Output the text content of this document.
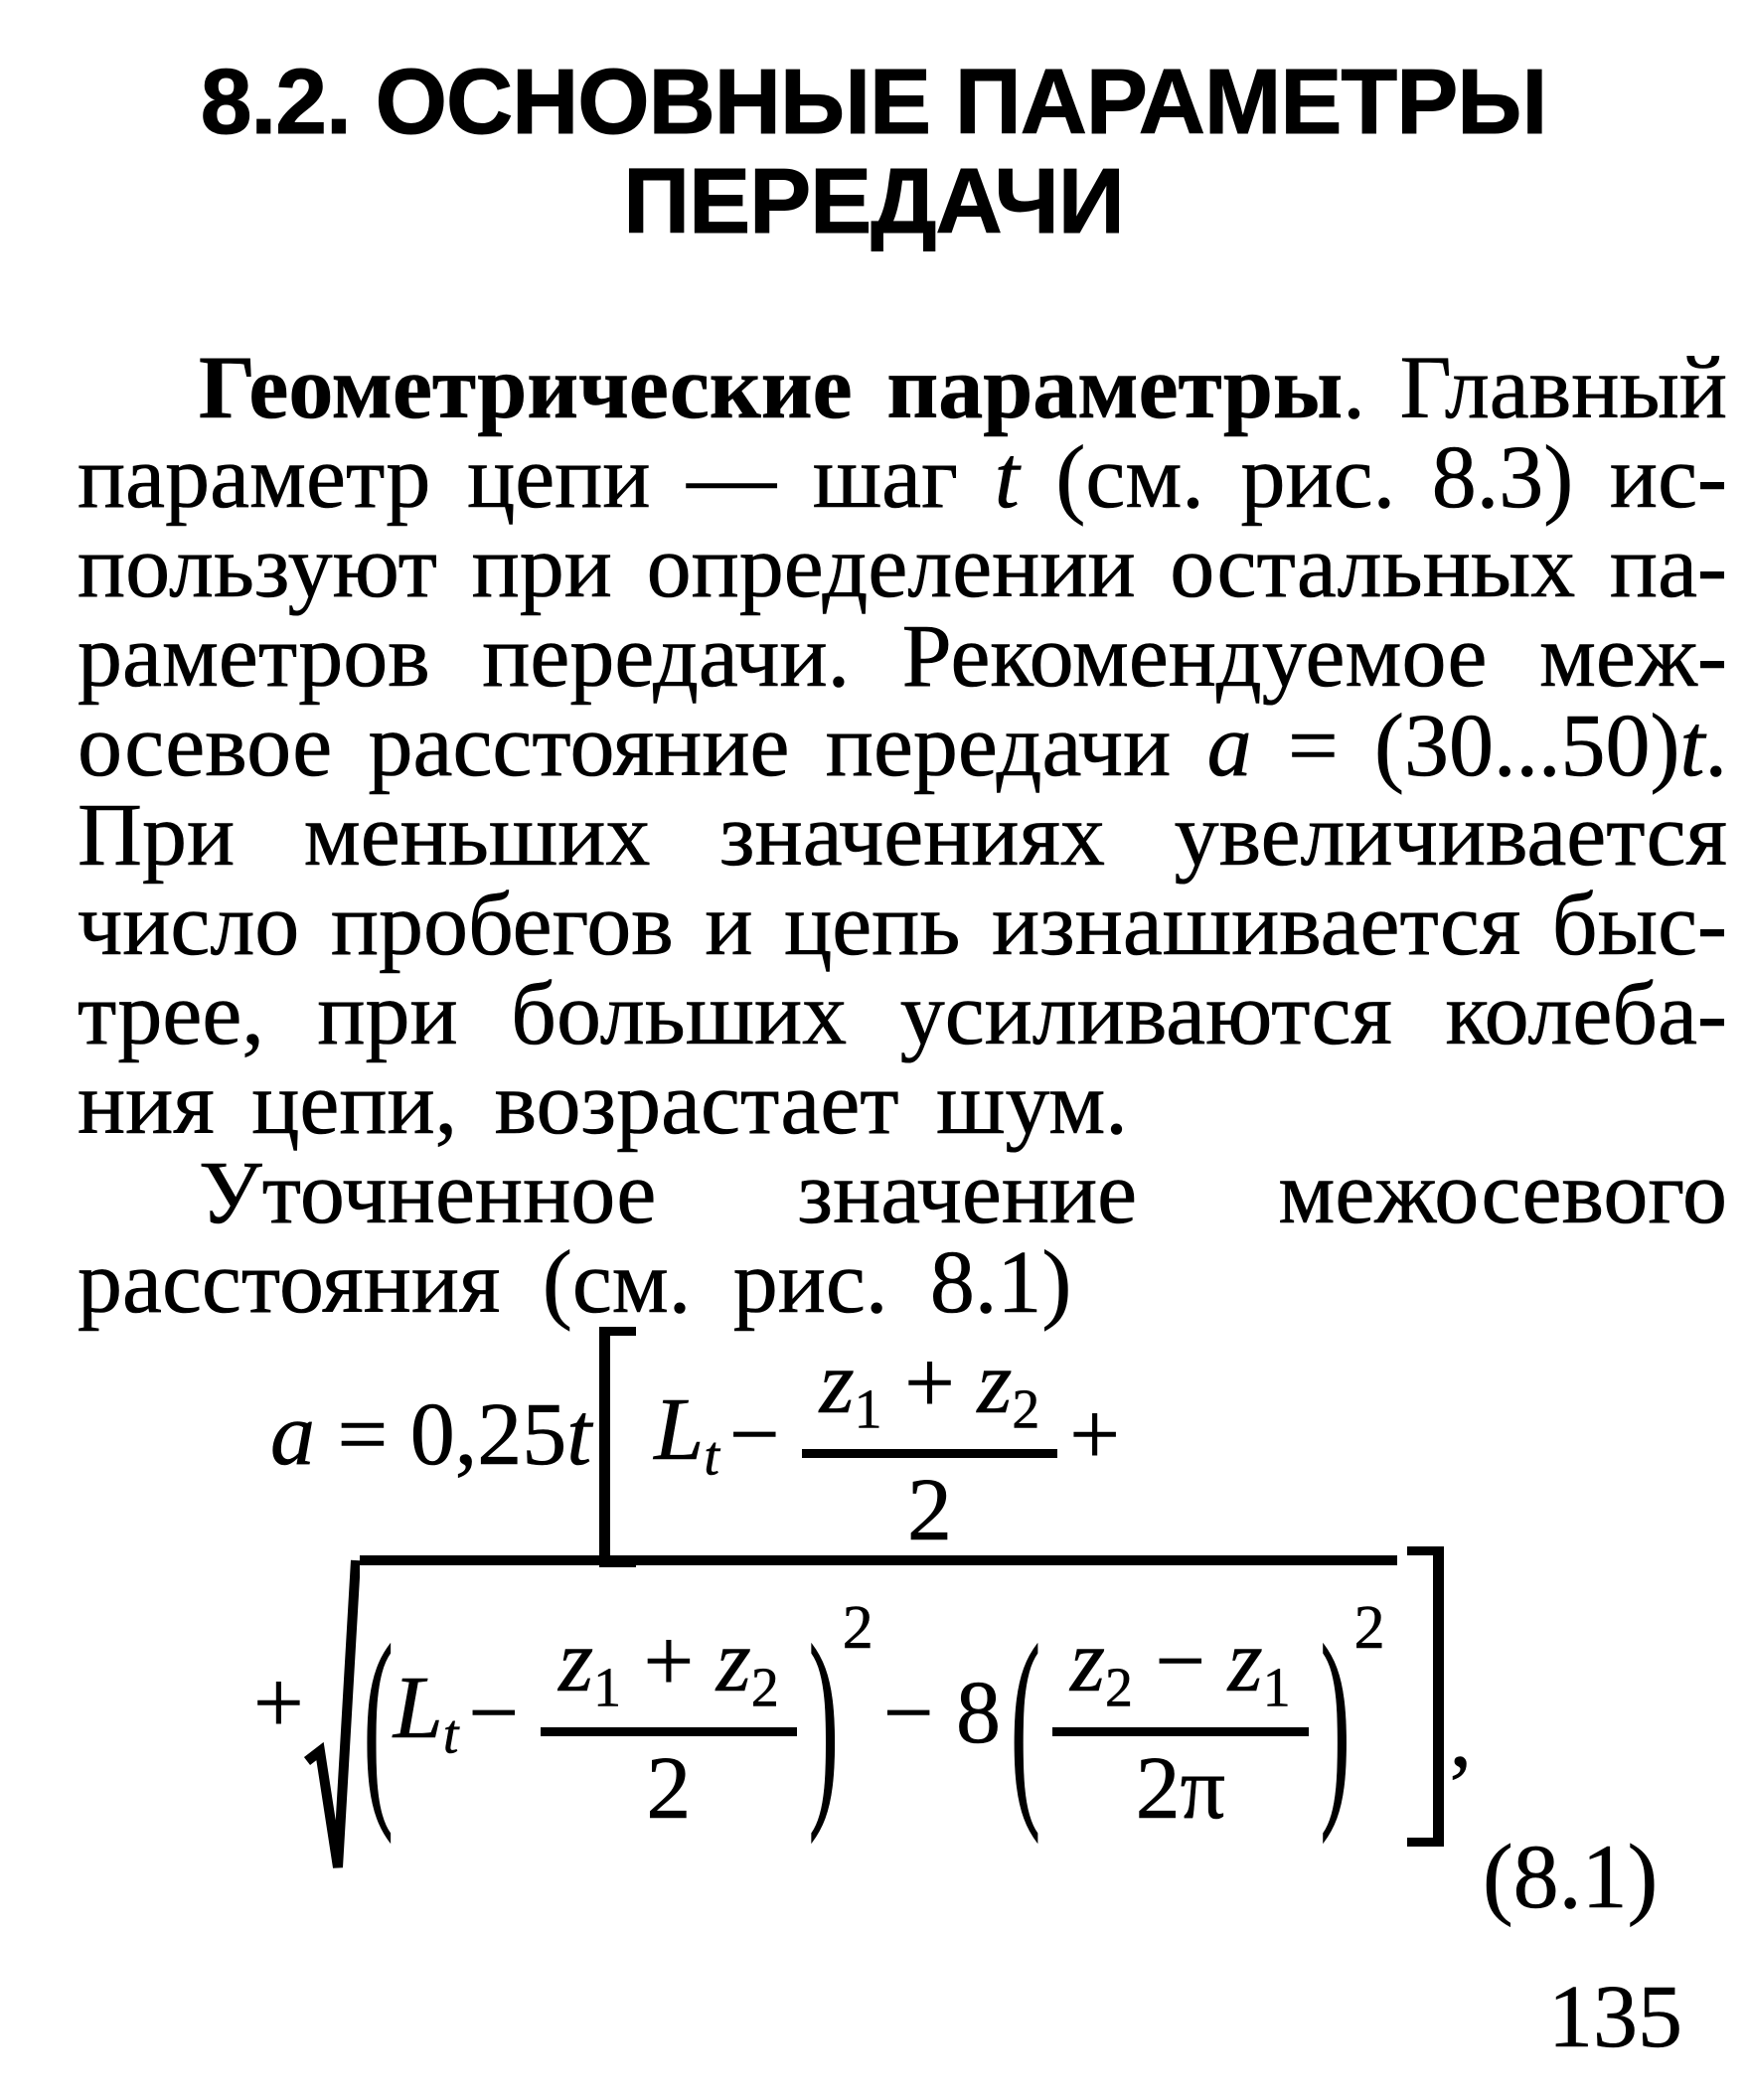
8.2. ОСНОВНЫЕ ПАРАМЕТРЫ
ПЕРЕДАЧИ
Геометрические параметры. Главный
параметр цепи — шаг t (см. рис. 8.3) ис-
пользуют при определении остальных па-
раметров передачи. Рекомендуемое меж-
осевое расстояние передачи a = (30...50)t.
При меньших значениях увеличивается
число пробегов и цепь изнашивается быс-
трее, при больших усиливаются колеба-
ния цепи, возрастает шум.
Уточненное значение межосевого
расстояния (см. рис. 8.1)
a = 0,25t $Lt - \frac{z1 + z2}{2}$ +
+ ( $Lt - \frac{z1 + z2}{2}$ ) 2
− 8 ( $\frac{z2 - z1}{2\pi}$ ) 2
,
(8.1)
135
